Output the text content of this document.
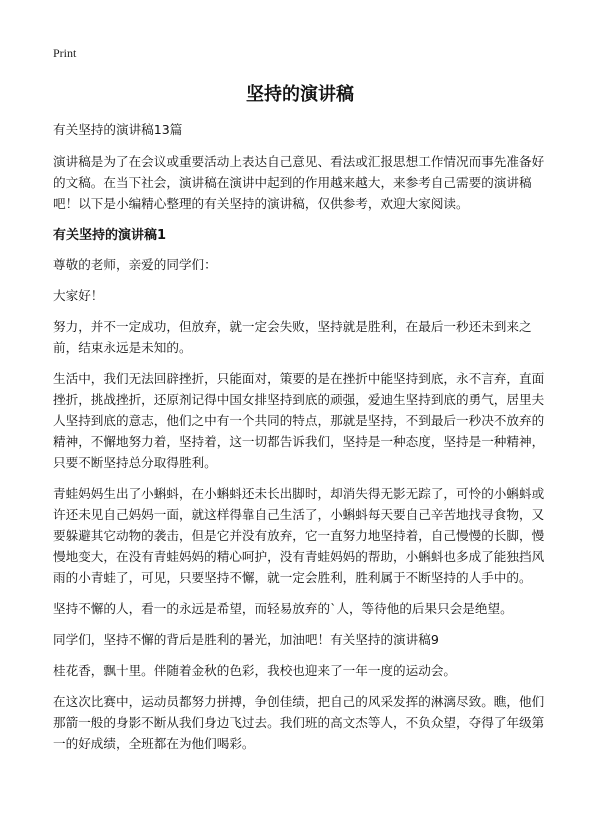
Print
坚持的演讲稿

有关坚持的演讲稿13篇

演讲稿是为了在会议或重要活动上表达自己意见、看法或汇报思想工作情况而事先准备好的文稿。在当下社会，演讲稿在演讲中起到的作用越来越大，来参考自己需要的演讲稿吧！以下是小编精心整理的有关坚持的演讲稿，仅供参考，欢迎大家阅读。

有关坚持的演讲稿1

尊敬的老师，亲爱的同学们：

大家好！

努力，并不一定成功，但放弃，就一定会失败，坚持就是胜利，在最后一秒还未到来之前，结束永远是未知的。

生活中，我们无法回辟挫折，只能面对，策要的是在挫折中能坚持到底，永不言弃，直面挫折，挑战挫折，还原剂记得中国女排坚持到底的顽强，爱迪生坚持到底的勇气，居里夫人坚持到底的意志，他们之中有一个共同的特点，那就是坚持，不到最后一秒决不放弃的精神，不懈地努力着，坚持着，这一切都告诉我们，坚持是一种态度，坚持是一种精神，只要不断坚持总分取得胜利。

青蛙妈妈生出了小蝌蚪，在小蝌蚪还未长出脚时，却消失得无影无踪了，可怜的小蝌蚪或许还未见自己妈妈一面，就这样得靠自己生活了，小蝌蚪每天要自己辛苦地找寻食物，又要躲避其它动物的袭击，但是它并没有放弃，它一直努力地坚持着，自己慢慢的长脚，慢慢地变大，在没有青蛙妈妈的精心呵护，没有青蛙妈妈的帮助，小蝌蚪也多成了能独挡风雨的小青蛙了，可见，只要坚持不懈，就一定会胜利，胜利属于不断坚持的人手中的。

坚持不懈的人，看一的永远是希望，而轻易放弃的`人，等待他的后果只会是绝望。

同学们，坚持不懈的背后是胜利的暑光，加油吧！有关坚持的演讲稿9

桂花香，飘十里。伴随着金秋的色彩，我校也迎来了一年一度的运动会。

在这次比赛中，运动员都努力拼搏，争创佳绩，把自己的风采发挥的淋漓尽致。瞧，他们那箭一般的身影不断从我们身边飞过去。我们班的高文杰等人，不负众望，夺得了年级第一的好成绩，全班都在为他们喝彩。
